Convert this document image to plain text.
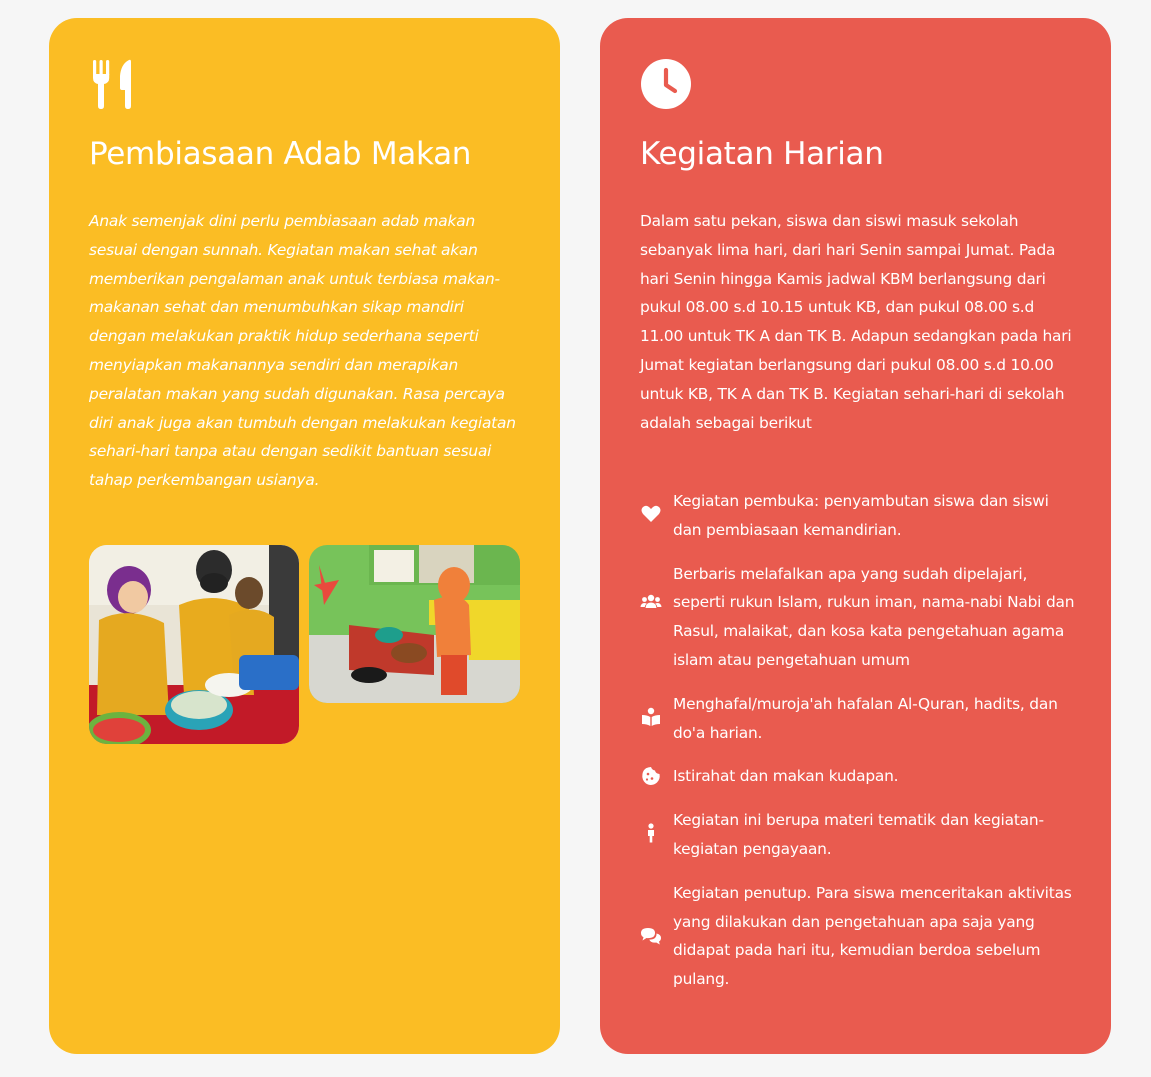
Pembiasaan Adab Makan

Anak semenjak dini perlu pembiasaan adab makan sesuai dengan sunnah. Kegiatan makan sehat akan memberikan pengalaman anak untuk terbiasa makan-makanan sehat dan menumbuhkan sikap mandiri dengan melakukan praktik hidup sederhana seperti menyiapkan makanannya sendiri dan merapikan peralatan makan yang sudah digunakan. Rasa percaya diri anak juga akan tumbuh dengan melakukan kegiatan sehari-hari tanpa atau dengan sedikit bantuan sesuai tahap perkembangan usianya.

Kegiatan Harian

Dalam satu pekan, siswa dan siswi masuk sekolah sebanyak lima hari, dari hari Senin sampai Jumat. Pada hari Senin hingga Kamis jadwal KBM berlangsung dari pukul 08.00 s.d 10.15 untuk KB, dan pukul 08.00 s.d 11.00 untuk TK A dan TK B. Adapun sedangkan pada hari Jumat kegiatan berlangsung dari pukul 08.00 s.d 10.00 untuk KB, TK A dan TK B. Kegiatan sehari-hari di sekolah adalah sebagai berikut

Kegiatan pembuka: penyambutan siswa dan siswi dan pembiasaan kemandirian.
Berbaris melafalkan apa yang sudah dipelajari, seperti rukun Islam, rukun iman, nama-nabi Nabi dan Rasul, malaikat, dan kosa kata pengetahuan agama islam atau pengetahuan umum
Menghafal/muroja'ah hafalan Al-Quran, hadits, dan do'a harian.
Istirahat dan makan kudapan.
Kegiatan ini berupa materi tematik dan kegiatan-kegiatan pengayaan.
Kegiatan penutup. Para siswa menceritakan aktivitas yang dilakukan dan pengetahuan apa saja yang didapat pada hari itu, kemudian berdoa sebelum pulang.
